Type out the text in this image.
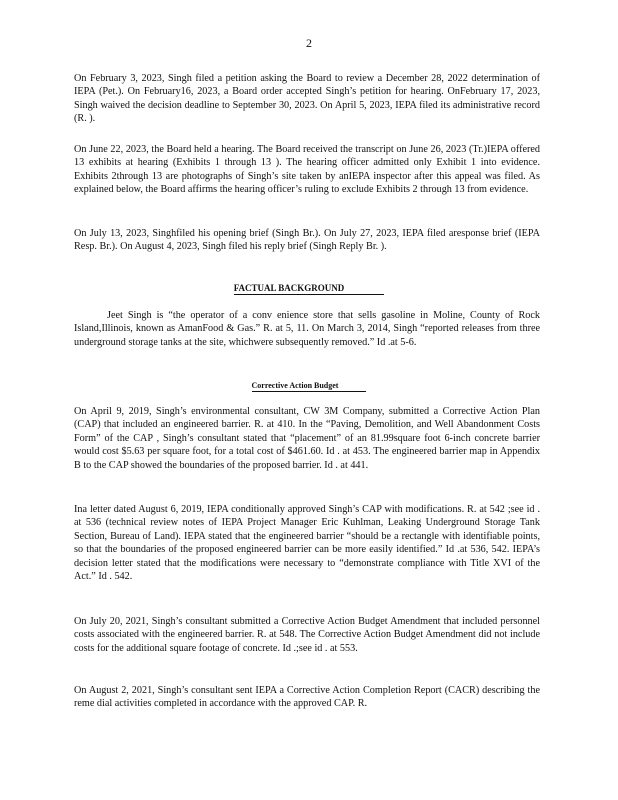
2

On February 3, 2023, Singh filed a petition asking the Board to review a December 28, 2022 determination of IEPA (Pet.). On February16, 2023, a Board order accepted Singh’s petition for hearing. OnFebruary 17, 2023, Singh waived the decision deadline to September 30, 2023. On April 5, 2023, IEPA filed its administrative record (R. ).

On June 22, 2023, the Board held a hearing. The Board received the transcript on June 26, 2023 (Tr.)IEPA offered 13 exhibits at hearing (Exhibits 1 through 13 ). The hearing officer admitted only Exhibit 1 into evidence. Exhibits 2through 13 are photographs of Singh’s site taken by anIEPA inspector after this appeal was filed. As explained below, the Board affirms the hearing officer’s ruling to exclude Exhibits 2 through 13 from evidence.

On July 13, 2023, Singhfiled his opening brief (Singh Br.). On July 27, 2023, IEPA filed aresponse brief (IEPA Resp. Br.). On August 4, 2023, Singh filed his reply brief (Singh Reply Br. ).

FACTUAL BACKGROUND

Jeet Singh is “the operator of a conv enience store that sells gasoline in Moline, County of Rock Island,Illinois, known as AmanFood & Gas.” R. at 5, 11. On March 3, 2014, Singh “reported releases from three underground storage tanks at the site, whichwere subsequently removed.” Id .at 5-6.

Corrective Action Budget

On April 9, 2019, Singh’s environmental consultant, CW 3M Company, submitted a Corrective Action Plan (CAP) that included an engineered barrier. R. at 410. In the “Paving, Demolition, and Well Abandonment Costs Form” of the CAP , Singh’s consultant stated that “placement” of an 81.99square foot 6-inch concrete barrier would cost $5.63 per square foot, for a total cost of $461.60. Id . at 453. The engineered barrier map in Appendix B to the CAP showed the boundaries of the proposed barrier. Id . at 441.

Ina letter dated August 6, 2019, IEPA conditionally approved Singh’s CAP with modifications. R. at 542 ;see id . at 536 (technical review notes of IEPA Project Manager Eric Kuhlman, Leaking Underground Storage Tank Section, Bureau of Land). IEPA stated that the engineered barrier “should be a rectangle with identifiable points, so that the boundaries of the proposed engineered barrier can be more easily identified.” Id .at 536, 542. IEPA’s decision letter stated that the modifications were necessary to “demonstrate compliance with Title XVI of the Act.” Id . 542.

On July 20, 2021, Singh’s consultant submitted a Corrective Action Budget Amendment that included personnel costs associated with the engineered barrier. R. at 548. The Corrective Action Budget Amendment did not include costs for the additional square footage of concrete. Id .;see id . at 553.

On August 2, 2021, Singh’s consultant sent IEPA a Corrective Action Completion Report (CACR) describing the reme dial activities completed in accordance with the approved CAP. R.
